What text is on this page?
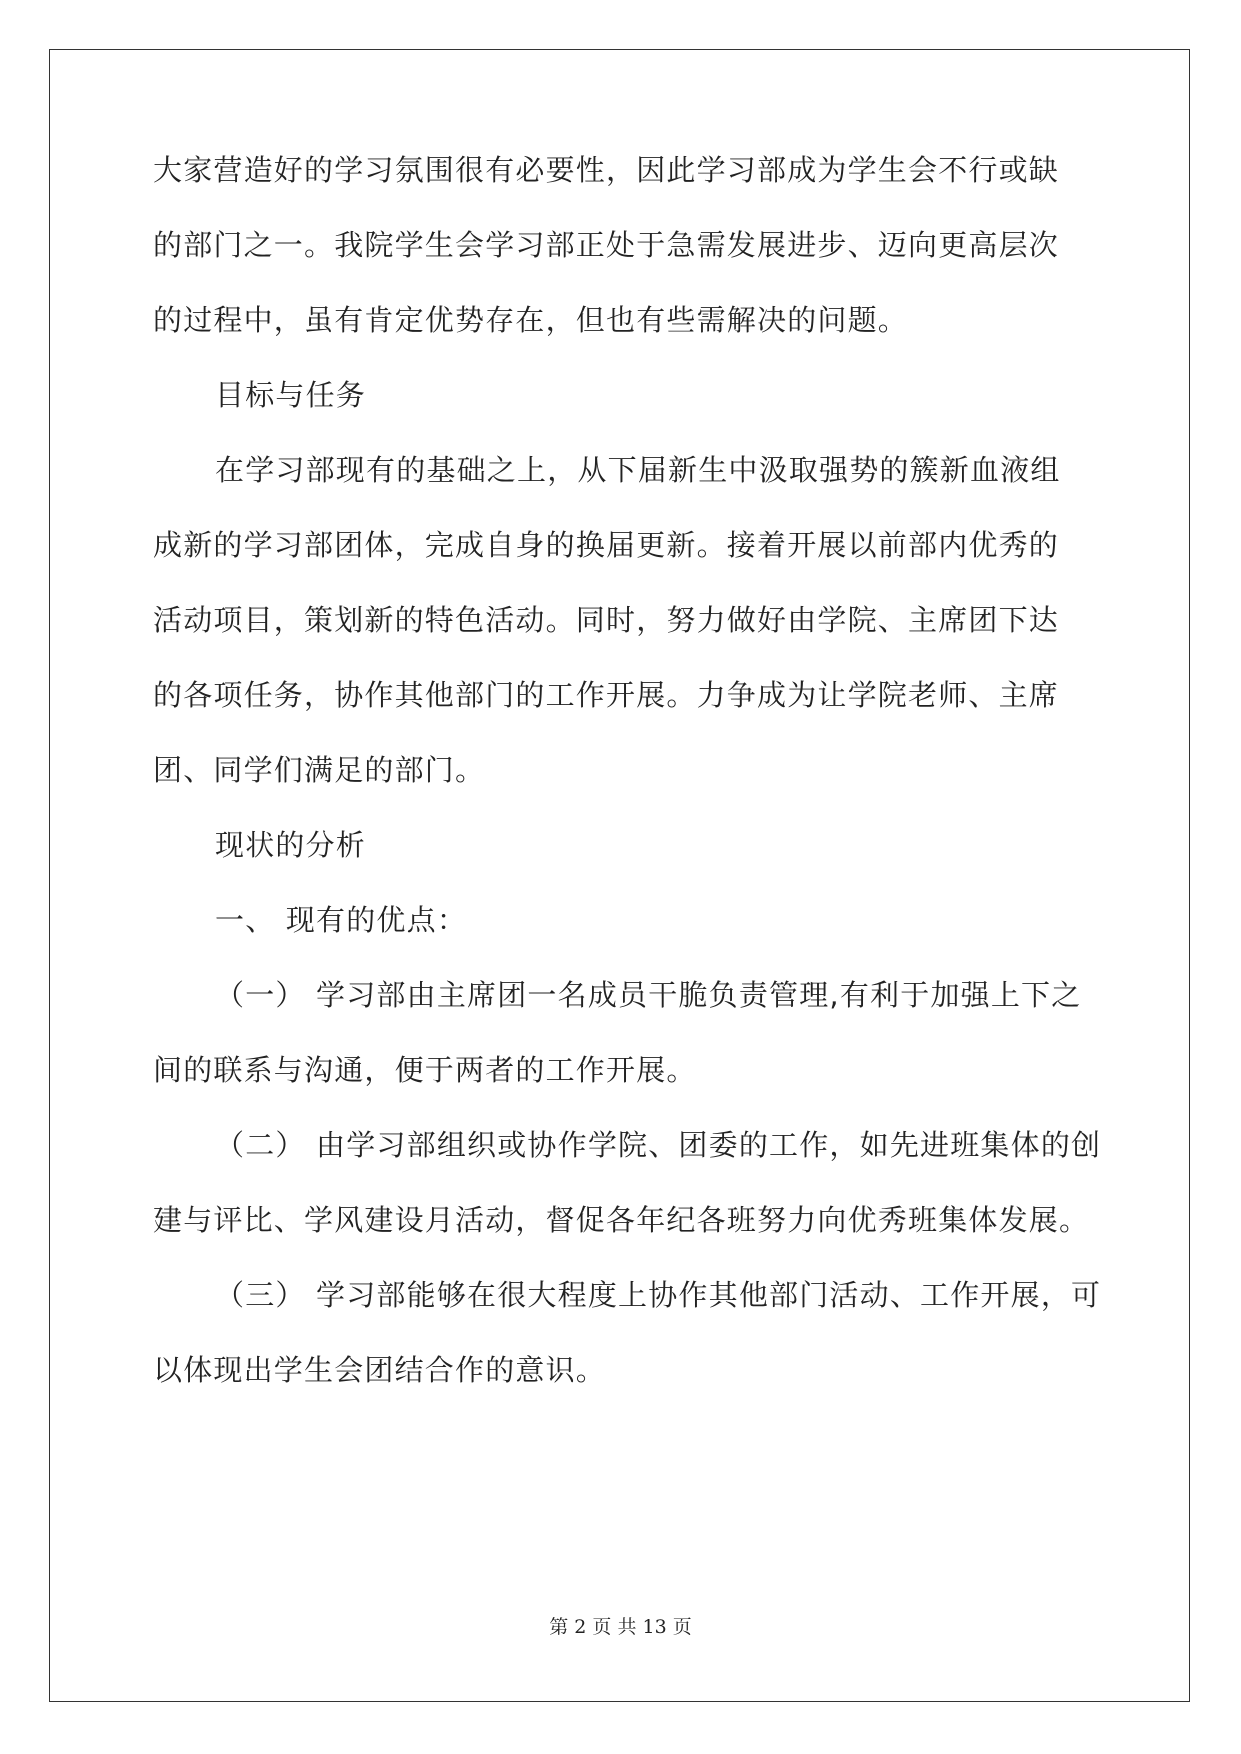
大家营造好的学习氛围很有必要性，因此学习部成为学生会不行或缺

的部门之一。我院学生会学习部正处于急需发展进步、迈向更高层次

的过程中，虽有肯定优势存在，但也有些需解决的问题。

目标与任务

在学习部现有的基础之上，从下届新生中汲取强势的簇新血液组

成新的学习部团体，完成自身的换届更新。接着开展以前部内优秀的

活动项目，策划新的特色活动。同时，努力做好由学院、主席团下达

的各项任务，协作其他部门的工作开展。力争成为让学院老师、主席

团、同学们满足的部门。

现状的分析

一、 现有的优点：

（一） 学习部由主席团一名成员干脆负责管理,有利于加强上下之

间的联系与沟通，便于两者的工作开展。

（二） 由学习部组织或协作学院、团委的工作，如先进班集体的创

建与评比、学风建设月活动，督促各年纪各班努力向优秀班集体发展。

（三） 学习部能够在很大程度上协作其他部门活动、工作开展，可

以体现出学生会团结合作的意识。

第 2 页 共 13 页
